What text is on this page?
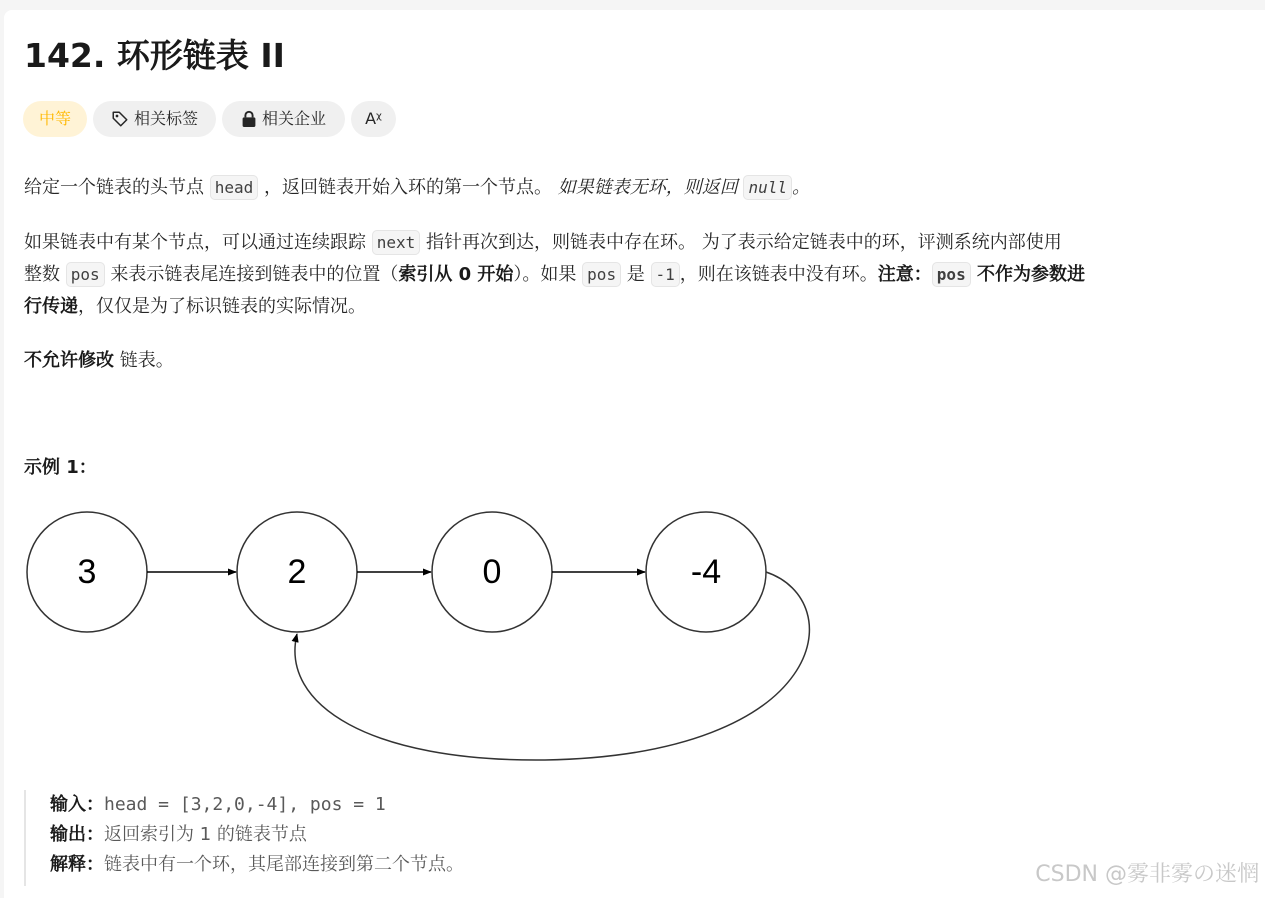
142. 环形链表 II
中等	相关标签	相关企业 Aᵡ

给定一个链表的头节点 head ，返回链表开始入环的第一个节点。 如果链表无环，则返回 null 。

如果链表中有某个节点，可以通过连续跟踪 next 指针再次到达，则链表中存在环。 为了表示给定链表中的环，评测系统内部使用

整数 pos 来表示链表尾连接到链表中的位置（索引从 0 开始）。如果 pos 是 -1 ，则在该链表中没有环。注意： pos 不作为参数进

行传递，仅仅是为了标识链表的实际情况。

不允许修改 链表。

示例 1：
3	2	0	-4
输入：head = [3,2,0,-4], pos = 1
输出：返回索引为 1 的链表节点
解释：链表中有一个环，其尾部连接到第二个节点。	CSDN @雾非雾の迷惘
